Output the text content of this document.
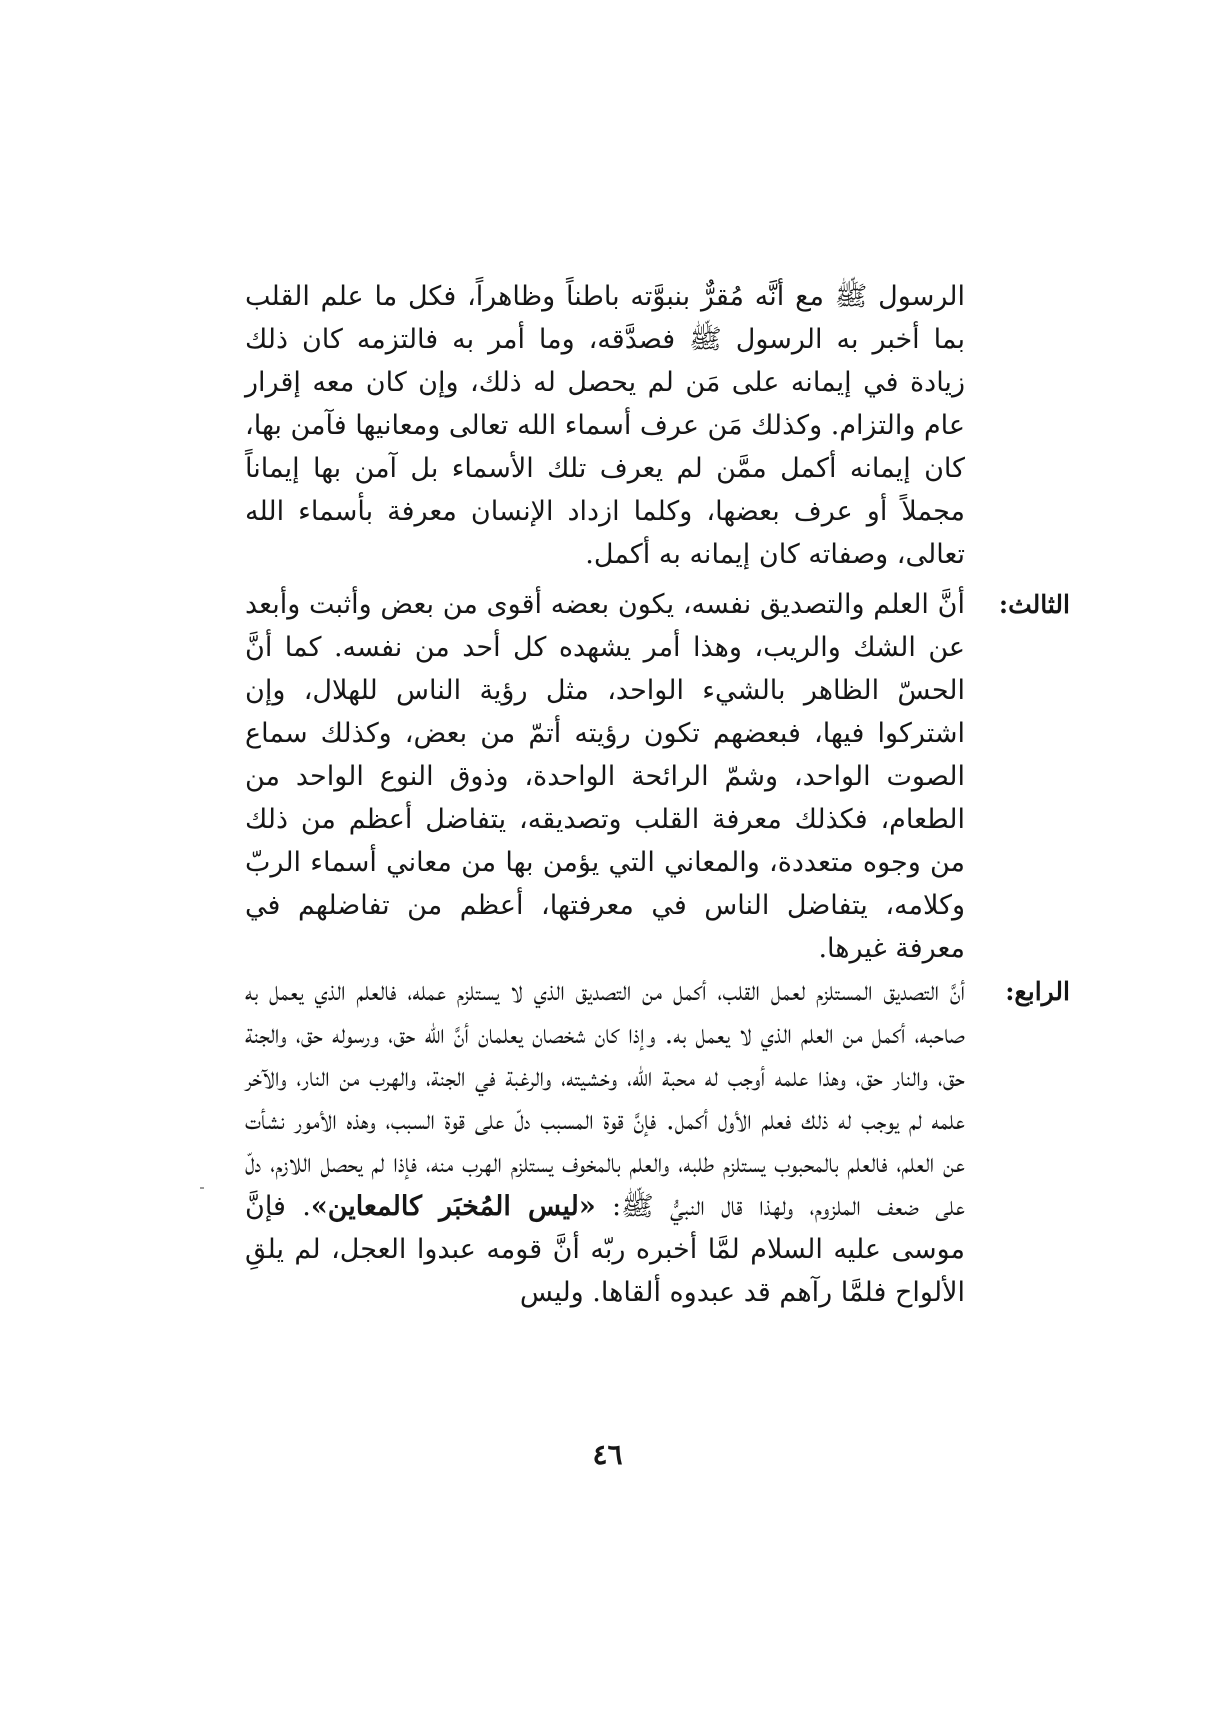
الرسول ﷺ مع أنَّه مُقرٌّ بنبوَّته باطناً وظاهراً، فكل ما علم القلب بما أخبر به الرسول ﷺ فصدَّقه، وما أمر به فالتزمه كان ذلك زيادة في إيمانه على مَن لم يحصل له ذلك، وإن كان معه إقرار عام والتزام. وكذلك مَن عرف أسماء الله تعالى ومعانيها فآمن بها، كان إيمانه أكمل ممَّن لم يعرف تلك الأسماء بل آمن بها إيماناً مجملاً أو عرف بعضها، وكلما ازداد الإنسان معرفة بأسماء الله تعالى، وصفاته كان إيمانه به أكمل.

الثالث:

أنَّ العلم والتصديق نفسه، يكون بعضه أقوى من بعض وأثبت وأبعد عن الشك والريب، وهذا أمر يشهده كل أحد من نفسه. كما أنَّ الحسّ الظاهر بالشيء الواحد، مثل رؤية الناس للهلال، وإن اشتركوا فيها، فبعضهم تكون رؤيته أتمّ من بعض، وكذلك سماع الصوت الواحد، وشمّ الرائحة الواحدة، وذوق النوع الواحد من الطعام، فكذلك معرفة القلب وتصديقه، يتفاضل أعظم من ذلك من وجوه متعددة، والمعاني التي يؤمن بها من معاني أسماء الربّ وكلامه، يتفاضل الناس في معرفتها، أعظم من تفاضلهم في معرفة غيرها.

الرابع:

أنَّ التصديق المستلزم لعمل القلب، أكمل من التصديق الذي لا يستلزم عمله، فالعلم الذي يعمل به صاحبه، أكمل من العلم الذي لا يعمل به. وإذا كان شخصان يعلمان أنَّ الله حق، ورسوله حق، والجنة حق، والنار حق، وهذا علمه أوجب له محبة الله، وخشيته، والرغبة في الجنة، والهرب من النار، والآخر علمه لم يوجب له ذلك فعلم الأول أكمل. فإنَّ قوة المسبب دلّ على قوة السبب، وهذه الأمور نشأت عن العلم، فالعلم بالمحبوب يستلزم طلبه، والعلم بالمخوف يستلزم الهرب منه، فإذا لم يحصل اللازم، دلّ على ضعف الملزوم، ولهذا قال النبيُّ ﷺ: «ليس المُخبَر كالمعاين». فإنَّ موسى عليه السلام لمَّا أخبره ربّه أنَّ قومه عبدوا العجل، لم يلقِ الألواح فلمَّا رآهم قد عبدوه ألقاها. وليس

٤٦
